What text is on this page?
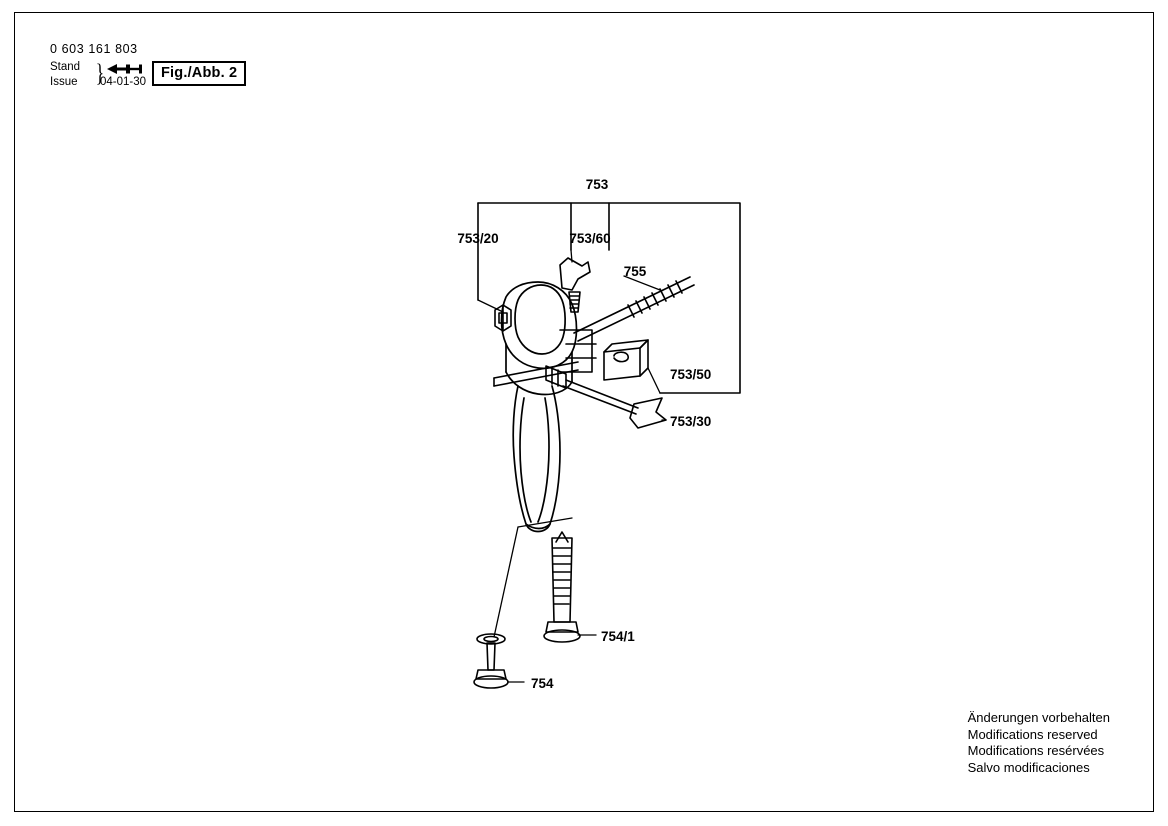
0 603 161 803
Stand
Issue }
04-01-30
Fig./Abb. 2
753
753/20	753/60
755
753/50
753/30
754/1
754
Änderungen vorbehalten
Modifications reserved
Modifications resérvées
Salvo modificaciones
